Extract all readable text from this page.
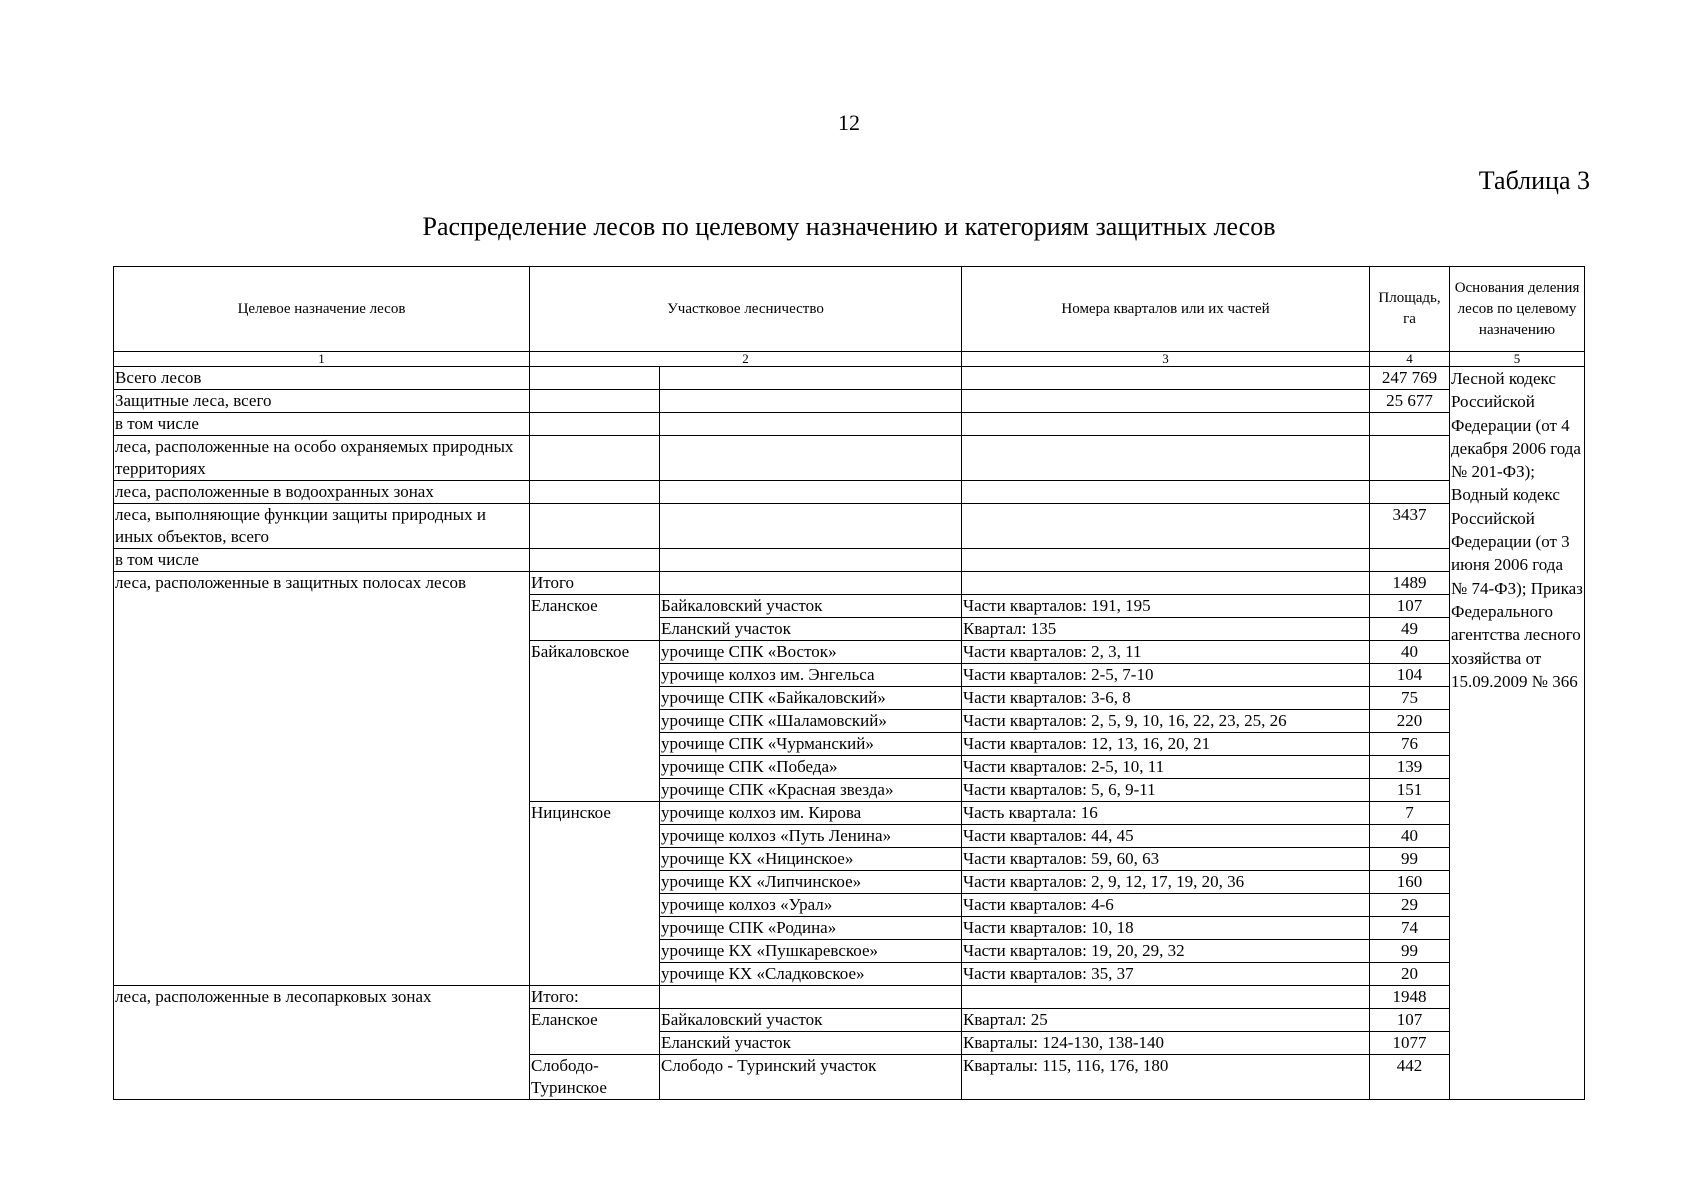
12
Таблица 3
Распределение лесов по целевому назначению и категориям защитных лесов
Целевое назначение лесов	Участковое лесничество		Номера кварталов или их частей	Площадь, га	Основания деления лесов по целевому назначению
1	2		3	4	5
Всего лесов				247 769	Лесной кодекс Российской Федерации (от 4 декабря 2006 года № 201-ФЗ); Водный кодекс Российской Федерации (от 3 июня 2006 года № 74-ФЗ); Приказ Федерального агентства лесного хозяйства от 15.09.2009 № 366
Защитные леса, всего				25 677	
в том числе					
леса, расположенные на особо охраняемых природных территориях					
леса, расположенные в водоохранных зонах					
леса, выполняющие функции защиты природных и иных объектов, всего				3437	
в том числе					
леса, расположенные в защитных полосах лесов	Итого			1489	
	Еланское	Байкаловский участок	Части кварталов: 191, 195	107	
		Еланский участок	Квартал: 135	49	
	Байкаловское	урочище СПК «Восток»	Части кварталов: 2, 3, 11	40	
		урочище колхоз им. Энгельса	Части кварталов: 2-5, 7-10	104	
		урочище СПК «Байкаловский»	Части кварталов: 3-6, 8	75	
		урочище СПК «Шаламовский»	Части кварталов: 2, 5, 9, 10, 16, 22, 23, 25, 26	220	
		урочище СПК «Чурманский»	Части кварталов: 12, 13, 16, 20, 21	76	
		урочище СПК «Победа»	Части кварталов: 2-5, 10, 11	139	
		урочище СПК «Красная звезда»	Части кварталов: 5, 6, 9-11	151	
	Ницинское	урочище колхоз им. Кирова	Часть квартала: 16	7	
		урочище колхоз «Путь Ленина»	Части кварталов: 44, 45	40	
		урочище КХ «Ницинское»	Части кварталов: 59, 60, 63	99	
		урочище КХ «Липчинское»	Части кварталов: 2, 9, 12, 17, 19, 20, 36	160	
		урочище колхоз «Урал»	Части кварталов: 4-6	29	
		урочище СПК «Родина»	Части кварталов: 10, 18	74	
		урочище КХ «Пушкаревское»	Части кварталов: 19, 20, 29, 32	99	
		урочище КХ «Сладковское»	Части кварталов: 35, 37	20	
леса, расположенные в лесопарковых зонах	Итого:			1948	
	Еланское	Байкаловский участок	Квартал: 25	107	
		Еланский участок	Кварталы: 124-130, 138-140	1077	
	Слободо-Туринское	Слободо - Туринский участок	Кварталы: 115, 116, 176, 180	442	
